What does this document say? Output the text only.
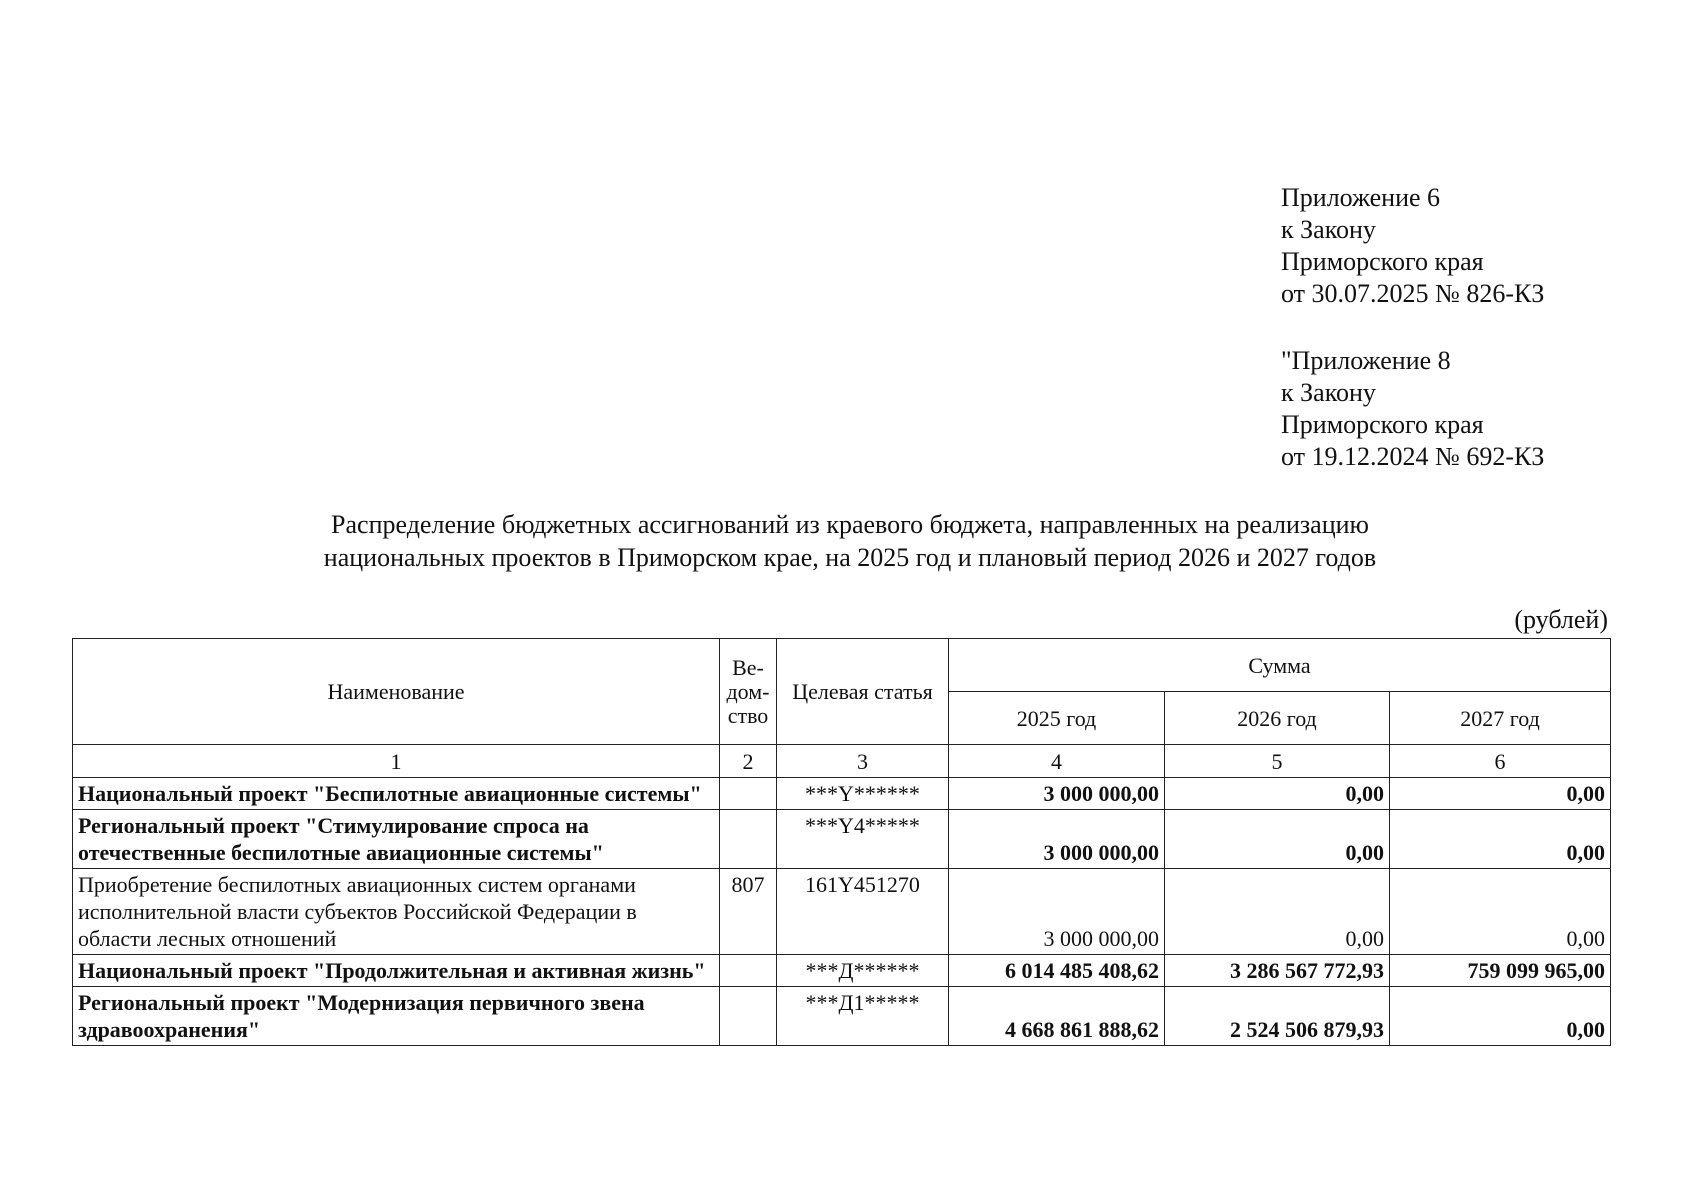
Приложение 6
к Закону
Приморского края
от 30.07.2025 № 826-КЗ
"Приложение 8
к Закону
Приморского края
от 19.12.2024 № 692-КЗ
Распределение бюджетных ассигнований из краевого бюджета, направленных на реализацию
национальных проектов в Приморском крае, на 2025 год и плановый период 2026 и 2027 годов
(рублей)
Наименование	Ве-
дом-
ство	Целевая статья	Сумма		
			2025 год	2026 год	2027 год
1	2	3	4	5	6
Национальный проект "Беспилотные авиационные системы"		***Y******	3 000 000,00	0,00	0,00
Региональный проект "Стимулирование спроса на отечественные беспилотные авиационные системы"		***Y4*****	3 000 000,00	0,00	0,00
Приобретение беспилотных авиационных систем органами исполнительной власти субъектов Российской Федерации в области лесных отношений	807	161Y451270	3 000 000,00	0,00	0,00
Национальный проект "Продолжительная и активная жизнь"		***Д******	6 014 485 408,62	3 286 567 772,93	759 099 965,00
Региональный проект "Модернизация первичного звена здравоохранения"		***Д1*****	4 668 861 888,62	2 524 506 879,93	0,00
